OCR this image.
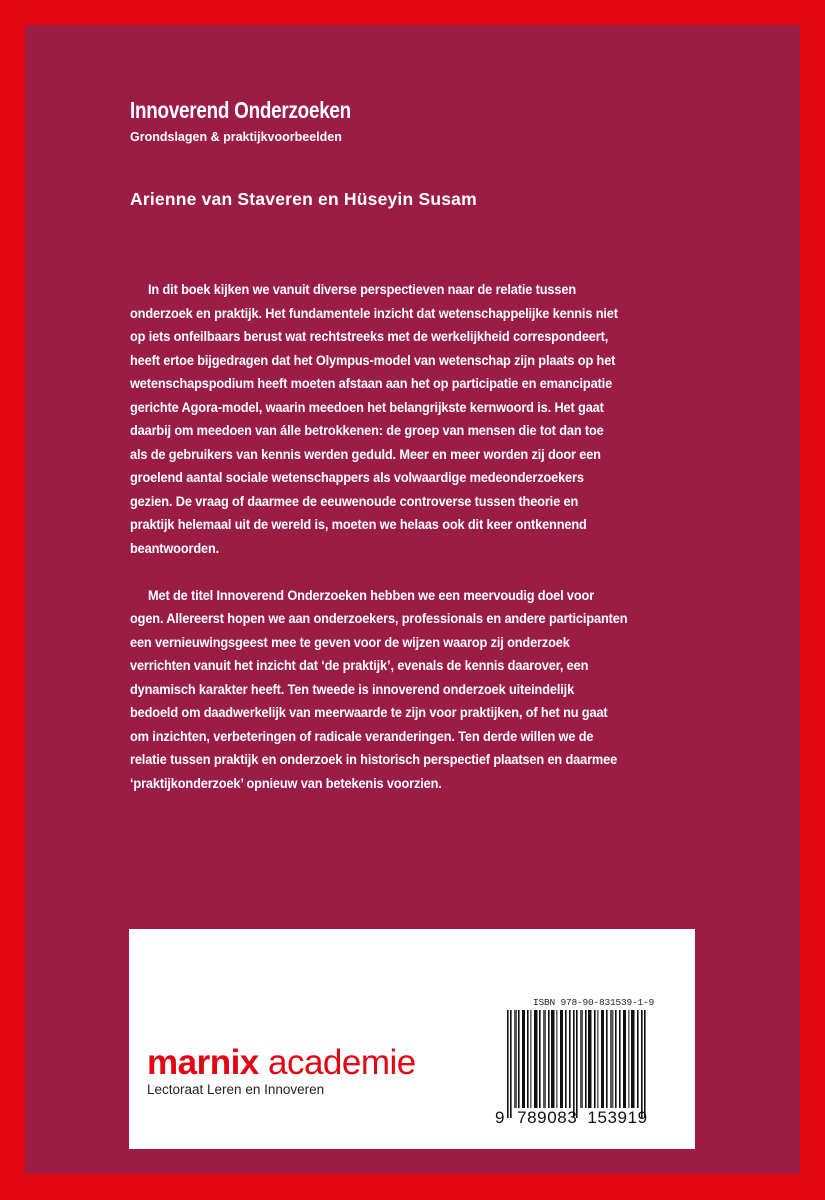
Innoverend Onderzoeken
Grondslagen & praktijkvoorbeelden
Arienne van Staveren en Hüseyin Susam
In dit boek kijken we vanuit diverse perspectieven naar de relatie tussen
onderzoek en praktijk. Het fundamentele inzicht dat wetenschappelijke kennis niet
op iets onfeilbaars berust wat rechtstreeks met de werkelijkheid correspondeert,
heeft ertoe bijgedragen dat het Olympus-model van wetenschap zijn plaats op het
wetenschapspodium heeft moeten afstaan aan het op participatie en emancipatie
gerichte Agora-model, waarin meedoen het belangrijkste kernwoord is. Het gaat
daarbij om meedoen van álle betrokkenen: de groep van mensen die tot dan toe
als de gebruikers van kennis werden geduld. Meer en meer worden zij door een
groelend aantal sociale wetenschappers als volwaardige medeonderzoekers
gezien. De vraag of daarmee de eeuwenoude controverse tussen theorie en
praktijk helemaal uit de wereld is, moeten we helaas ook dit keer ontkennend
beantwoorden.
Met de titel Innoverend Onderzoeken hebben we een meervoudig doel voor
ogen. Allereerst hopen we aan onderzoekers, professionals en andere participanten
een vernieuwingsgeest mee te geven voor de wijzen waarop zij onderzoek
verrichten vanuit het inzicht dat ‘de praktijk’, evenals de kennis daarover, een
dynamisch karakter heeft. Ten tweede is innoverend onderzoek uiteindelijk
bedoeld om daadwerkelijk van meerwaarde te zijn voor praktijken, of het nu gaat
om inzichten, verbeteringen of radicale veranderingen. Ten derde willen we de
relatie tussen praktijk en onderzoek in historisch perspectief plaatsen en daarmee
‘praktijkonderzoek’ opnieuw van betekenis voorzien.
marnix academie
Lectoraat Leren en Innoveren
ISBN 978-90-831539-1-9
9 789083 153919
